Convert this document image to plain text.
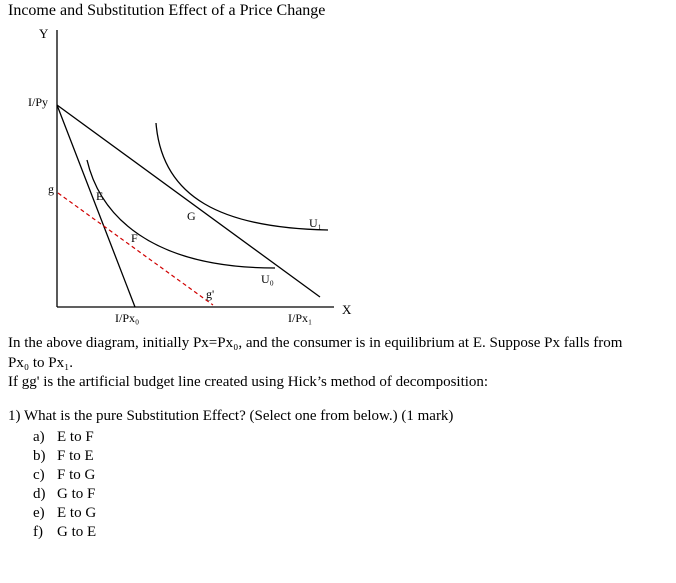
Income and Substitution Effect of a Price Change
Y
X
I/Py
I/Px₀	I/Px₁
g
g'
E
F
G
U₀
U₁
In the above diagram, initially Px=Px₀, and the consumer is in equilibrium at E. Suppose Px falls from
Px₀ to Px₁.
If gg' is the artificial budget line created using Hick’s method of decomposition:
1) What is the pure Substitution Effect? (Select one from below.) (1 mark)
a) E to F
b) F to E
c) F to G
d) G to F
e) E to G
f) G to E
